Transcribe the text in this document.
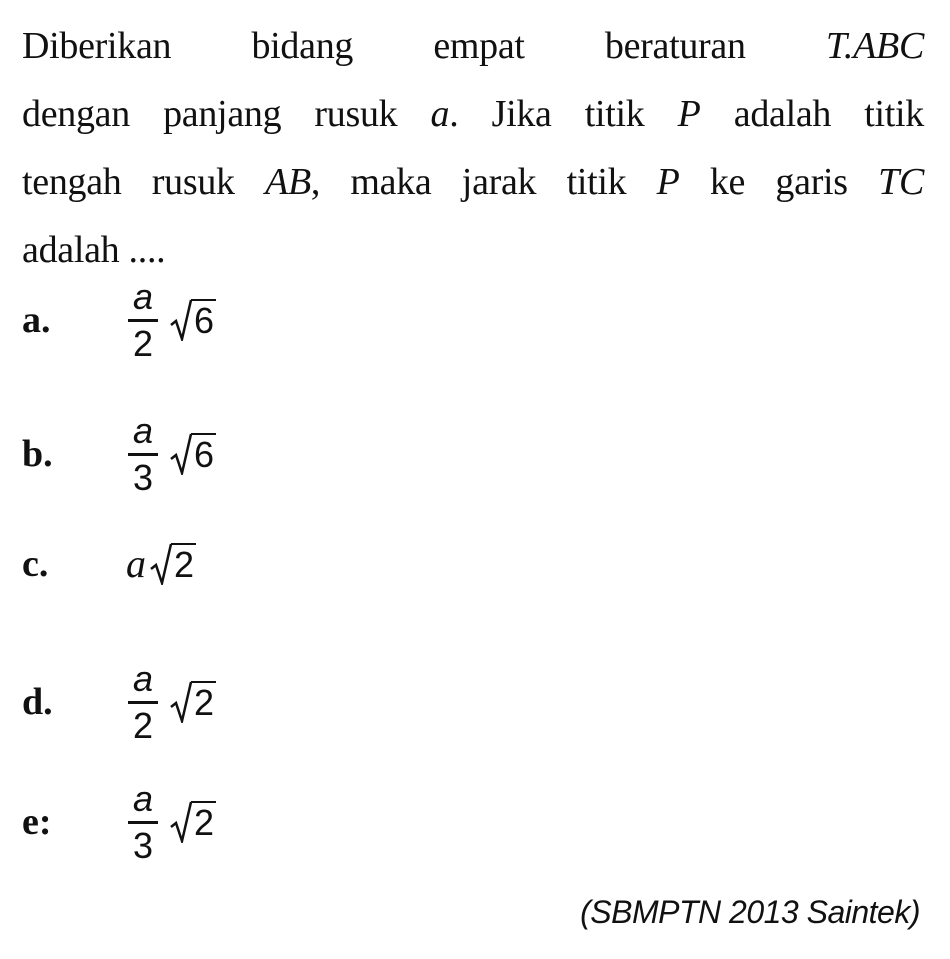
Diberikan bidang empat beraturan T.ABC
dengan panjang rusuk a. Jika titik P adalah titik
tengah rusuk AB, maka jarak titik P ke garis TC
adalah ....
a. $\frac{a}{2} 6$
b. $\frac{a}{3} 6$
c. a 2
d. $\frac{a}{2} 2$
e: $\frac{a}{3} 2$
(SBMPTN 2013 Saintek)
